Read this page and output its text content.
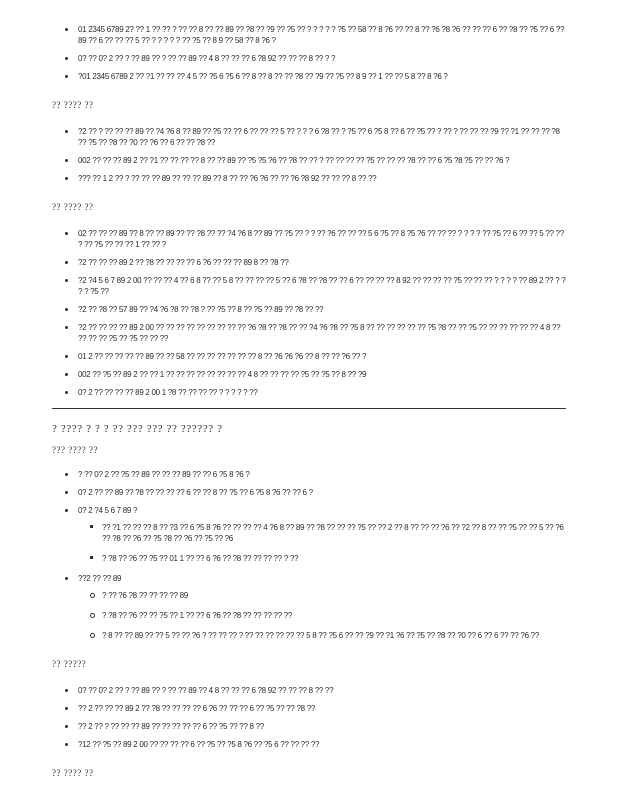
01 2345 6789 2? ?? 1 ?? ?? ? ?? ?? 8 ?? ?? 89 ?? ?8 ?? ?9 ?? ?5 ?? ? ? ? ? ? ?5 ?? 58 ?? 8 ?6 ?? ?? 8 ?? ?6 ?8 ?6 ?? ?? ?? 6 ?? ?8 ?? ?5 ?? 6 ?? 89 ?? 6 ?? ?? ?? 5 ?? ? ? ? ? ? ?? ?5 ?? 8 9 ?? 58 ?? 8 ?6 ?
0? ?? 0? 2 ?? ? ?? 89 ?? ? ?? ?? 89 ?? 4 8 ?? ?? ?? 6 ?8 92 ?? ?? ?? 8 ?? ? ?
?01 2345 6789 2 ?? ?1 ?? ?? ?? 4 5 ?? ?5 6 ?5 6 ?? 8 ?? 8 ?? ?? ?8 ?? ?9 ?? ?5 ?? 8 9 ?? 1 ?? ?? 5 8 ?? 8 ?6 ?
?? ???? ??
?2 ?? ? ?? ?? ?? 89 ?? ?4 ?6 8 ?? 89 ?? ?5 ?? ?? 6 ?? ?? ?? 5 ?? ? ? ? 6 ?8 ?? ? ?5 ?? 6 ?5 8 ?? 6 ?? ?5 ?? ? ?? ? ?? ?? ?? ?9 ?? ?1 ?? ?? ?? ?8 ?? ?5 ?? ?8 ?? ?0 ?? ?6 ?? 6 ?? ?? ?8 ??
002 ?? ?? ?? 89 2 ?? ?1 ?? ?? ?? ?? 8 ?? ?? 89 ?? ?5 ?5 ?6 ?? ?8 ?? ?? ? ?? ?? ?? ?? ?5 ?? ?? ?? ?8 ?? ?? 6 ?5 ?8 ?5 ?? ?? ?6 ?
??? ?? 1 2 ?? ? ?? ?? ?? 89 ?? ?? ?? 89 ?? 8 ?? ?? ?6 ?6 ?? ?? ?6 ?8 92 ?? ?? ?? 8 ?? ??
?? ???? ??
02 ?? ?? ?? 89 ?? 8 ?? ?? 89 ?? ?? ?8 ?? ?? ?4 ?6 8 ?? 89 ?? ?5 ?? ? ? ?? ?6 ?? ?? ?? 5 6 ?5 ?? 8 ?5 ?6 ?? ?? ?? ? ? ? ? ?? ?5 ?? 6 ?? ?? 5 ?? ?? ? ?? ?5 ?? ?? ?? 1 ?? ?? ?
?2 ?? ?? ?? 89 2 ?? ?8 ?? ?? ?? ?? 6 ?6 ?? ?? ?? 89 8 ?? ?8 ??
?2 ?4 5 6 7 89 2 00 ?? ?? ?? 4 ?? 6 8 ?? ?? 5 8 ?? ?? ?? ?? 5 ?? 6 ?8 ?? ?8 ?? ?? 6 ?? ?? ?? ?? 8 92 ?? ?? ?? ?? ?5 ?? ?? ?? ? ? ? ? ?? 89 2 ?? ? ? ? ? ?5 ??
?2 ?? ?8 ?? 57 89 ?? ?4 ?6 ?8 ?? ?8 ? ?? ?5 ?? 8 ?? ?5 ?? 89 ?? ?8 ?? ??
?2 ?? ?? ?? ?? 89 2 00 ?? ?? ?? ?? ?? ?? ?? ?? ?? ?6 ?8 ?? ?8 ?? ?? ?4 ?6 ?8 ?? ?5 8 ?? ?? ?? ?? ?? ?? ?5 ?8 ?? ?? ?5 ?? ?? ?? ?? ?? ?? 4 8 ?? ?? ?? ?? ?5 ?? ?5 ?? ?? ??
01 2 ?? ?? ?? ?? ?? 89 ?? ?? 58 ?? ?? ?? ?? ?? ?? ?? 8 ?? ?6 ?6 ?6 ?? 8 ?? ?? ?6 ?? ?
002 ?? ?5 ?? 89 2 ?? ?? 1 ?? ?? ?? ?? ?? ?? ?? ?? 4 8 ?? ?? ?? ?? ?5 ?? ?5 ?? 8 ?? ?9
0? 2 ?? ?? ?? ?? 89 2 00 1 ?8 ?? ?? ?? ?? ? ? ? ? ? ??
? ???? ? ? ? ?? ??? ??? ?? ?????? ?
??? ???? ??
? ?? 0? 2 ?? ?5 ?? 89 ?? ?? ?? 89 ?? ?? 6 ?5 8 ?6 ?
0? 2 ?? ?? 89 ?? ?8 ?? ?? ?? ?? 6 ?? ?? 8 ?? ?5 ?? 6 ?5 8 ?6 ?? ?? 6 ?
0? 2 ?4 5 6 7 89 ?
?? ?1 ?? ?? ?? 8 ?? ?3 ?? 6 ?5 8 ?6 ?? ?? ?? ?? 4 ?6 8 ?? 89 ?? ?8 ?? ?? ?? ?5 ?? ?? 2 ?? 8 ?? ?? ?? ?6 ?? ?2 ?? 8 ?? ?? ?5 ?? ?? 5 ?? ?6 ?? ?8 ?? ?6 ?? ?5 ?8 ?? ?6 ?? ?5 ?? ?6
? ?8 ?? ?6 ?? ?5 ?? 01 1 ?? ?? 6 ?6 ?? ?8 ?? ?? ?? ?? ? ??
??2 ?? ?? 89
? ?? ?6 ?8 ?? ?? ?? ?? 89
? ?8 ?? ?6 ?? ?? ?5 ?? 1 ?? ?? 6 ?6 ?? ?8 ?? ?? ?? ?? ??
? 8 ?? ?? 89 ?? ?? 5 ?? ?? ?6 ? ?? ?? ?? ? ?? ?? ?? ?? ?? ?? 5 8 ?? ?5 6 ?? ?? ?9 ?? ?1 ?6 ?? ?5 ?? ?8 ?? ?0 ?? 6 ?? 6 ?? ?? ?6 ??
?? ?????
0? ?? 0? 2 ?? ? ?? 89 ?? ? ?? ?? 89 ?? 4 8 ?? ?? ?? 6 ?8 92 ?? ?? ?? 8 ?? ??
?? 2 ?? ?? ?? 89 2 ?? ?8 ?? ?? ?? ?? 6 ?6 ?? ?? ?? 6 ?? ?5 ?? ?? ?8 ??
?? 2 ?? ? ?? ?? ?? 89 ?? ?? ?? ?? ?? 6 ?? ?5 ?? ?? 8 ??
?12 ?? ?5 ?? 89 2 00 ?? ?? ?? ?? 6 ?? ?5 ?? ?5 8 ?6 ?? ?5 6 ?? ?? ?? ??
?? ???? ??
